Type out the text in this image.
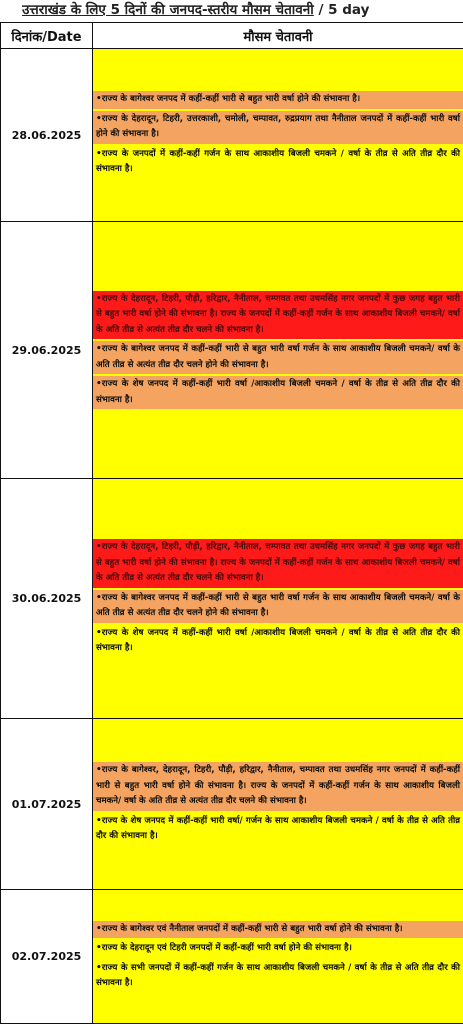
उत्तराखंड के लिए 5 दिनों की जनपद-स्तरीय मौसम चेतावनी / 5 day
दिनांक/Date	मौसम चेतावनी
28.06.2025	•राज्य के बागेश्वर जनपद में कहीं-कहीं भारी से बहुत भारी वर्षा होने की संभावना है।
•राज्य के देहरादून, टिहरी, उत्तरकाशी, चमोली, चम्पावत, रुद्रप्रयाग तथा नैनीताल जनपदों में कहीं-कहीं भारी वर्षा होने की संभावना है।
•राज्य के जनपदों में कहीं-कहीं गर्जन के साथ आकाशीय बिजली चमकने / वर्षा के तीव्र से अति तीव्र दौर की संभावना है।

29.06.2025	•राज्य के देहरादून, टिहरी, पौड़ी, हरिद्वार, नैनीताल, चम्पावत तथा उधमसिंह नगर जनपदों में कुछ जगह बहुत भारी से बहुत भारी वर्षा होने की संभावना है। राज्य के जनपदों में कहीं-कहीं गर्जन के साथ आकाशीय बिजली चमकने/ वर्षा के अति तीव्र से अत्यंत तीव्र दौर चलने की संभावना है।
•राज्य के बागेश्वर जनपद में कहीं-कहीं भारी से बहुत भारी वर्षा गर्जन के साथ आकाशीय बिजली चमकने/ वर्षा के अति तीव्र से अत्यंत तीव्र दौर चलने होने की संभावना है।
•राज्य के शेष जनपद में कहीं-कहीं भारी वर्षा /आकाशीय बिजली चमकने / वर्षा के तीव्र से अति तीव्र दौर की संभावना है।

30.06.2025	•राज्य के देहरादून, टिहरी, पौड़ी, हरिद्वार, नैनीताल, चम्पावत तथा उधमसिंह नगर जनपदों में कुछ जगह बहुत भारी से बहुत भारी वर्षा होने की संभावना है। राज्य के जनपदों में कहीं-कहीं गर्जन के साथ आकाशीय बिजली चमकने/ वर्षा के अति तीव्र से अत्यंत तीव्र दौर चलने की संभावना है।
•राज्य के बागेश्वर जनपद में कहीं-कहीं भारी से बहुत भारी वर्षा गर्जन के साथ आकाशीय बिजली चमकने/ वर्षा के अति तीव्र से अत्यंत तीव्र दौर चलने होने की संभावना है।
•राज्य के शेष जनपद में कहीं-कहीं भारी वर्षा /आकाशीय बिजली चमकने / वर्षा के तीव्र से अति तीव्र दौर की संभावना है।

01.07.2025	•राज्य के बागेश्वर, देहरादून, टिहरी, पौड़ी, हरिद्वार, नैनीताल, चम्पावत तथा उधमसिंह नगर जनपदों में कहीं-कहीं भारी से बहुत भारी वर्षा होने की संभावना है। राज्य के जनपदों में कहीं-कहीं गर्जन के साथ आकाशीय बिजली चमकने/ वर्षा के अति तीव्र से अत्यंत तीव्र दौर चलने की संभावना है।
•राज्य के शेष जनपद में कहीं-कहीं भारी वर्षा/ गर्जन के साथ आकाशीय बिजली चमकने / वर्षा के तीव्र से अति तीव्र दौर की संभावना है।

02.07.2025	•राज्य के बागेश्वर एवं नैनीताल जनपदों में कहीं-कहीं भारी से बहुत भारी वर्षा होने की संभावना है।
•राज्य के देहरादून एवं टिहरी जनपदों में कहीं-कहीं भारी वर्षा होने की संभावना है।
•राज्य के सभी जनपदों में कहीं-कहीं गर्जन के साथ आकाशीय बिजली चमकने / वर्षा के तीव्र से अति तीव्र दौर की संभावना है।
